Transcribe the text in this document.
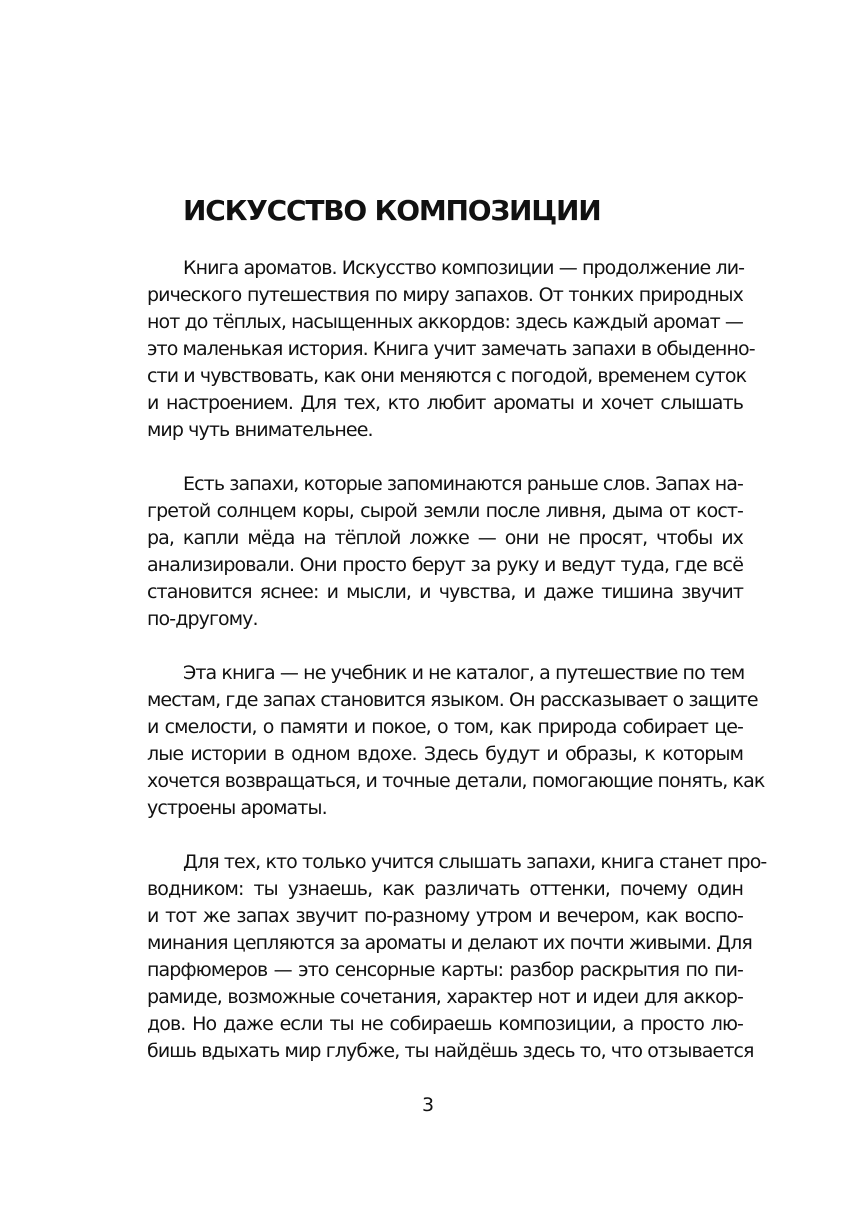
ИСКУССТВО КОМПОЗИЦИИ

Книга ароматов. Искусство композиции — продолжение ли-
рического путешествия по миру запахов. От тонких природных
нот до тёплых, насыщенных аккордов: здесь каждый аромат —
это маленькая история. Книга учит замечать запахи в обыденно-
сти и чувствовать, как они меняются с погодой, временем суток
и настроением. Для тех, кто любит ароматы и хочет слышать
мир чуть внимательнее.

Есть запахи, которые запоминаются раньше слов. Запах на-
гретой солнцем коры, сырой земли после ливня, дыма от кост-
ра, капли мёда на тёплой ложке — они не просят, чтобы их
анализировали. Они просто берут за руку и ведут туда, где всё
становится яснее: и мысли, и чувства, и даже тишина звучит
по-другому.

Эта книга — не учебник и не каталог, а путешествие по тем
местам, где запах становится языком. Он рассказывает о защите
и смелости, о памяти и покое, о том, как природа собирает це-
лые истории в одном вдохе. Здесь будут и образы, к которым
хочется возвращаться, и точные детали, помогающие понять, как
устроены ароматы.

Для тех, кто только учится слышать запахи, книга станет про-
водником: ты узнаешь, как различать оттенки, почему один
и тот же запах звучит по-разному утром и вечером, как воспо-
минания цепляются за ароматы и делают их почти живыми. Для
парфюмеров — это сенсорные карты: разбор раскрытия по пи-
рамиде, возможные сочетания, характер нот и идеи для аккор-
дов. Но даже если ты не собираешь композиции, а просто лю-
бишь вдыхать мир глубже, ты найдёшь здесь то, что отзывается

3
